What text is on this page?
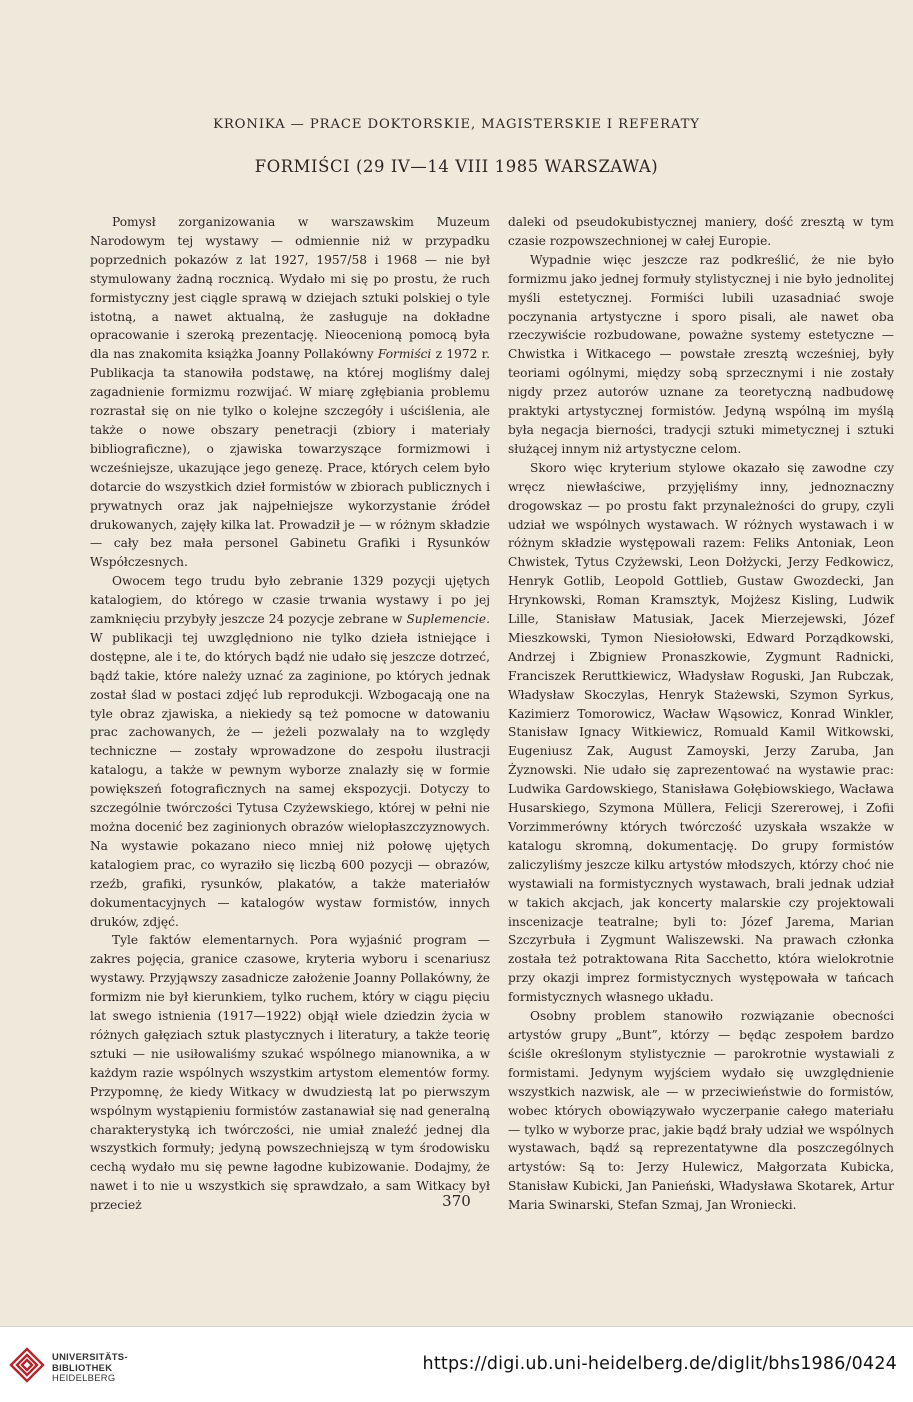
KRONIKA — PRACE DOKTORSKIE, MAGISTERSKIE I REFERATY
FORMIŚCI (29 IV—14 VIII 1985 WARSZAWA)

Pomysł zorganizowania w warszawskim Muzeum Narodowym tej wystawy — odmiennie niż w przypadku poprzednich pokazów z lat 1927, 1957/58 i 1968 — nie był stymulowany żadną rocznicą. Wydało mi się po prostu, że ruch formistyczny jest ciągle sprawą w dziejach sztuki polskiej o tyle istotną, a nawet aktualną, że zasługuje na dokładne opracowanie i szeroką prezentację. Nieocenioną pomocą była dla nas znakomita książka Joanny Pollakówny Formiści z 1972 r. Publikacja ta stanowiła podstawę, na której mogliśmy dalej zagadnienie formizmu rozwijać. W miarę zgłębiania problemu rozrastał się on nie tylko o kolejne szczegóły i uściślenia, ale także o nowe obszary penetracji (zbiory i materiały bibliograficzne), o zjawiska towarzyszące formizmowi i wcześniejsze, ukazujące jego genezę. Prace, których celem było dotarcie do wszystkich dzieł formistów w zbiorach publicznych i prywatnych oraz jak najpełniejsze wykorzystanie źródeł drukowanych, zajęły kilka lat. Prowadził je — w różnym składzie — cały bez mała personel Gabinetu Grafiki i Rysunków Współczesnych.

Owocem tego trudu było zebranie 1329 pozycji ujętych katalogiem, do którego w czasie trwania wystawy i po jej zamknięciu przybyły jeszcze 24 pozycje zebrane w Suplemencie. W publikacji tej uwzględniono nie tylko dzieła istniejące i dostępne, ale i te, do których bądź nie udało się jeszcze dotrzeć, bądź takie, które należy uznać za zaginione, po których jednak został ślad w postaci zdjęć lub reprodukcji. Wzbogacają one na tyle obraz zjawiska, a niekiedy są też pomocne w datowaniu prac zachowanych, że — jeżeli pozwalały na to względy techniczne — zostały wprowadzone do zespołu ilustracji katalogu, a także w pewnym wyborze znalazły się w formie powiększeń fotograficznych na samej ekspozycji. Dotyczy to szczególnie twórczości Tytusa Czyżewskiego, której w pełni nie można docenić bez zaginionych obrazów wielopłaszczyznowych. Na wystawie pokazano nieco mniej niż połowę ujętych katalogiem prac, co wyraziło się liczbą 600 pozycji — obrazów, rzeźb, grafiki, rysunków, plakatów, a także materiałów dokumentacyjnych — katalogów wystaw formistów, innych druków, zdjęć.

Tyle faktów elementarnych. Pora wyjaśnić program — zakres pojęcia, granice czasowe, kryteria wyboru i scenariusz wystawy. Przyjąwszy zasadnicze założenie Joanny Pollakówny, że formizm nie był kierunkiem, tylko ruchem, który w ciągu pięciu lat swego istnienia (1917—1922) objął wiele dziedzin życia w różnych gałęziach sztuk plastycznych i literatury, a także teorię sztuki — nie usiłowaliśmy szukać wspólnego mianownika, a w każdym razie wspólnych wszystkim artystom elementów formy. Przypomnę, że kiedy Witkacy w dwudziestą lat po pierwszym wspólnym wystąpieniu formistów zastanawiał się nad generalną charakterystyką ich twórczości, nie umiał znaleźć jednej dla wszystkich formuły; jedyną powszechniejszą w tym środowisku cechą wydało mu się pewne łagodne kubizowanie. Dodajmy, że nawet i to nie u wszystkich się sprawdzało, a sam Witkacy był przecież

daleki od pseudokubistycznej maniery, dość zresztą w tym czasie rozpowszechnionej w całej Europie.

Wypadnie więc jeszcze raz podkreślić, że nie było formizmu jako jednej formuły stylistycznej i nie było jednolitej myśli estetycznej. Formiści lubili uzasadniać swoje poczynania artystyczne i sporo pisali, ale nawet oba rzeczywiście rozbudowane, poważne systemy estetyczne — Chwistka i Witkacego — powstałe zresztą wcześniej, były teoriami ogólnymi, między sobą sprzecznymi i nie zostały nigdy przez autorów uznane za teoretyczną nadbudowę praktyki artystycznej formistów. Jedyną wspólną im myślą była negacja bierności, tradycji sztuki mimetycznej i sztuki służącej innym niż artystyczne celom.

Skoro więc kryterium stylowe okazało się zawodne czy wręcz niewłaściwe, przyjęliśmy inny, jednoznaczny drogowskaz — po prostu fakt przynależności do grupy, czyli udział we wspólnych wystawach. W różnych wystawach i w różnym składzie występowali razem: Feliks Antoniak, Leon Chwistek, Tytus Czyżewski, Leon Dołżycki, Jerzy Fedkowicz, Henryk Gotlib, Leopold Gottlieb, Gustaw Gwozdecki, Jan Hrynkowski, Roman Kramsztyk, Mojżesz Kisling, Ludwik Lille, Stanisław Matusiak, Jacek Mierzejewski, Józef Mieszkowski, Tymon Niesiołowski, Edward Porządkowski, Andrzej i Zbigniew Pronaszkowie, Zygmunt Radnicki, Franciszek Reruttkiewicz, Władysław Roguski, Jan Rubczak, Władysław Skoczylas, Henryk Stażewski, Szymon Syrkus, Kazimierz Tomorowicz, Wacław Wąsowicz, Konrad Winkler, Stanisław Ignacy Witkiewicz, Romuald Kamil Witkowski, Eugeniusz Zak, August Zamoyski, Jerzy Zaruba, Jan Żyznowski. Nie udało się zaprezentować na wystawie prac: Ludwika Gardowskiego, Stanisława Gołębiowskiego, Wacława Husarskiego, Szymona Müllera, Felicji Szererowej, i Zofii Vorzimmerówny których twórczość uzyskała wszakże w katalogu skromną, dokumentację. Do grupy formistów zaliczyliśmy jeszcze kilku artystów młodszych, którzy choć nie wystawiali na formistycznych wystawach, brali jednak udział w takich akcjach, jak koncerty malarskie czy projektowali inscenizacje teatralne; byli to: Józef Jarema, Marian Szczyrbuła i Zygmunt Waliszewski. Na prawach członka została też potraktowana Rita Sacchetto, która wielokrotnie przy okazji imprez formistycznych występowała w tańcach formistycznych własnego układu.

Osobny problem stanowiło rozwiązanie obecności artystów grupy „Bunt”, którzy — będąc zespołem bardzo ściśle określonym stylistycznie — parokrotnie wystawiali z formistami. Jedynym wyjściem wydało się uwzględnienie wszystkich nazwisk, ale — w przeciwieństwie do formistów, wobec których obowiązywało wyczerpanie całego materiału — tylko w wyborze prac, jakie bądź brały udział we wspólnych wystawach, bądź są reprezentatywne dla poszczególnych artystów: Są to: Jerzy Hulewicz, Małgorzata Kubicka, Stanisław Kubicki, Jan Panieński, Władysława Skotarek, Artur Maria Swinarski, Stefan Szmaj, Jan Wroniecki.

370
UNIVERSITÄTS-
BIBLIOTHEK
HEIDELBERG
https://digi.ub.uni-heidelberg.de/diglit/bhs1986/0424
